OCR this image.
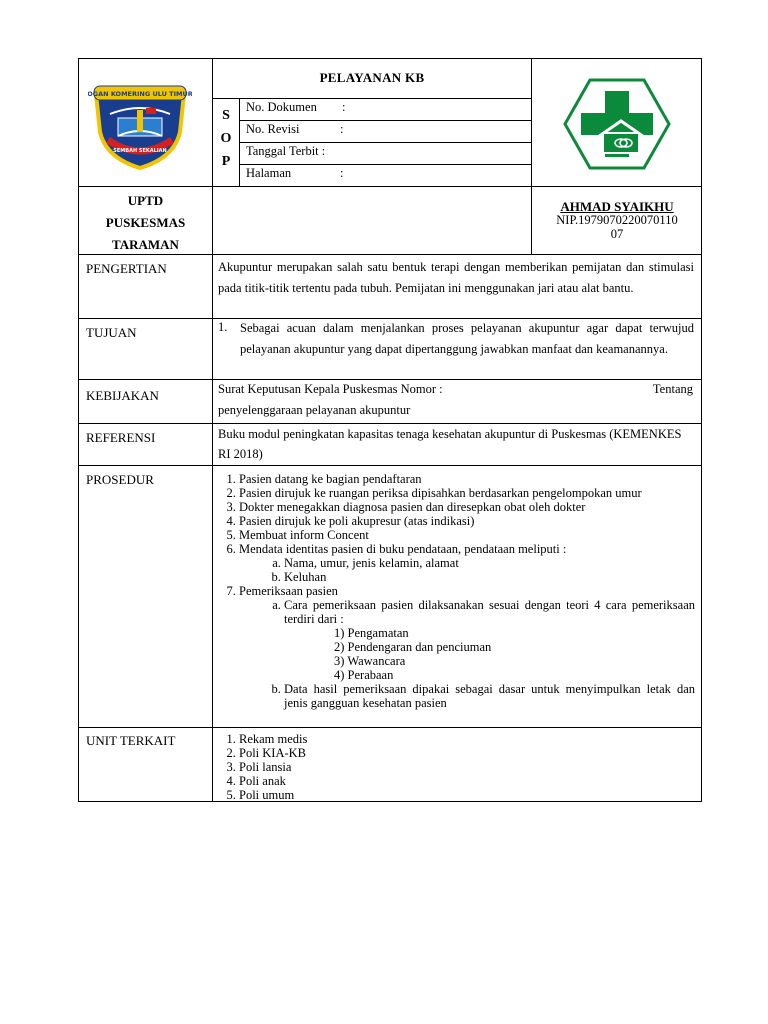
OGAN KOMERING ULU TIMUR
SEMBAH SEKALIAN
PELAYANAN KB
S
O
P
No. Dokumen :
No. Revisi	:
Tanggal Terbit :
Halaman	:
UPTD
PUSKESMAS
TARAMAN
AHMAD SYAIKHU
NIP.1979070220070110
07
PENGERTIAN	Akupuntur merupakan salah satu bentuk terapi dengan memberikan pemijatan dan stimulasi pada titik-titik tertentu pada tubuh. Pemijatan ini menggunakan jari atau alat bantu.
TUJUAN	1. Sebagai acuan dalam menjalankan proses pelayanan akupuntur agar dapat terwujud pelayanan akupuntur yang dapat dipertanggung jawabkan manfaat dan keamanannya.
KEBIJAKAN	Surat Keputusan Kepala Puskesmas Nomor :	Tentang
penyelenggaraan pelayanan akupuntur
REFERENSI	Buku modul peningkatan kapasitas tenaga kesehatan akupuntur di Puskesmas (KEMENKES RI 2018)
PROSEDUR	1. Pasien datang ke bagian pendaftaran
2. Pasien dirujuk ke ruangan periksa dipisahkan berdasarkan pengelompokan umur
3. Dokter menegakkan diagnosa pasien dan diresepkan obat oleh dokter
4. Pasien dirujuk ke poli akupresur (atas indikasi)
5. Membuat inform Concent
6. Mendata identitas pasien di buku pendataan, pendataan meliputi :
a. Nama, umur, jenis kelamin, alamat
b. Keluhan
7. Pemeriksaan pasien
a. Cara pemeriksaan pasien dilaksanakan sesuai dengan teori 4 cara pemeriksaan terdiri dari :
1) Pengamatan
2) Pendengaran dan penciuman
3) Wawancara
4) Perabaan
b. Data hasil pemeriksaan dipakai sebagai dasar untuk menyimpulkan letak dan jenis gangguan kesehatan pasien
UNIT TERKAIT	1. Rekam medis
2. Poli KIA-KB
3. Poli lansia
4. Poli anak
5. Poli umum
